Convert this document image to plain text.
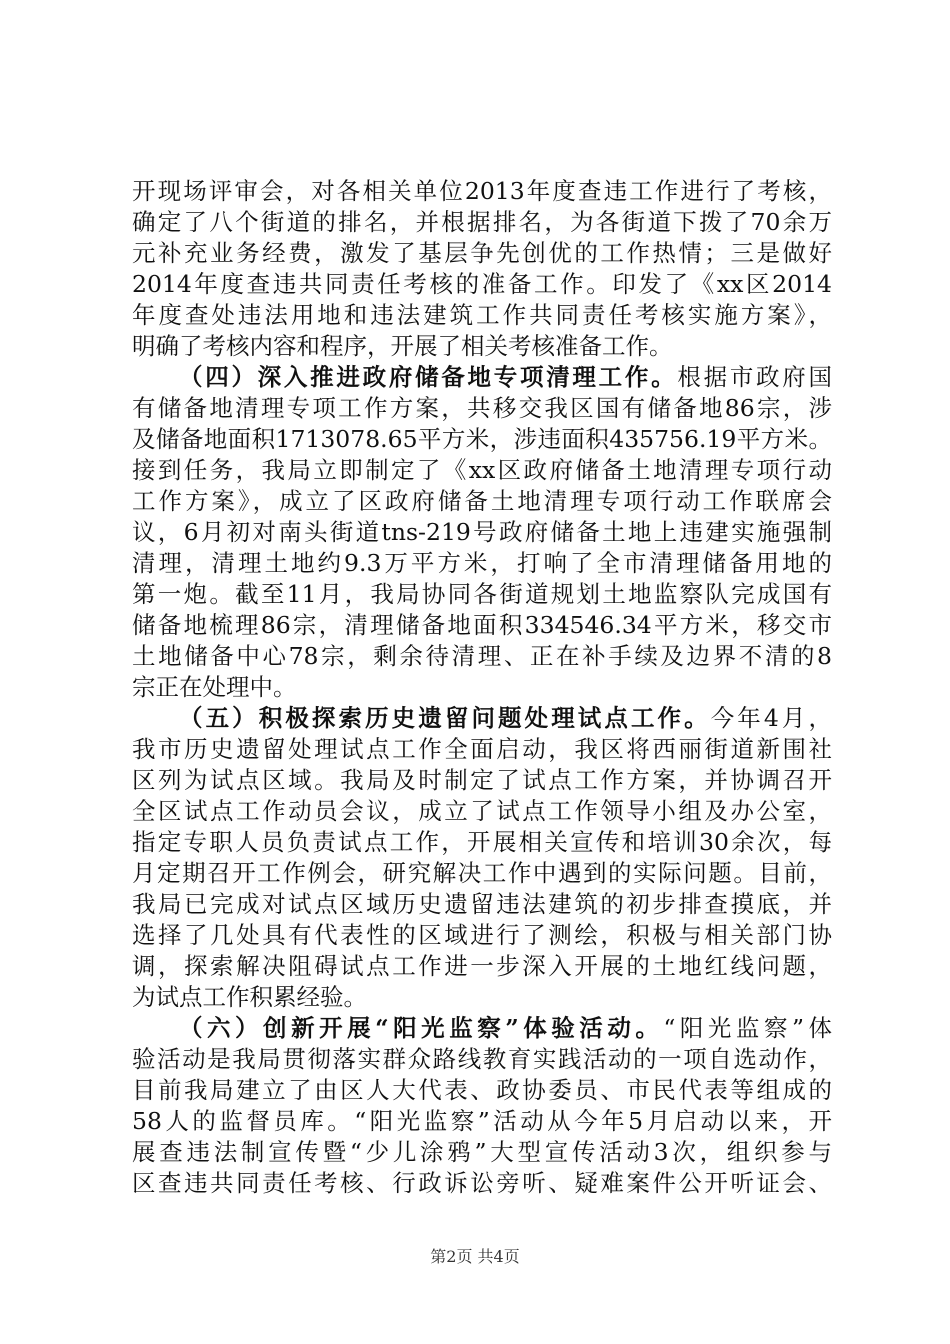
开现场评审会，对各相关单位2013年度查违工作进行了考核，
确定了八个街道的排名，并根据排名，为各街道下拨了70余万
元补充业务经费，激发了基层争先创优的工作热情；三是做好
2014年度查违共同责任考核的准备工作。印发了《xx区2014
年度查处违法用地和违法建筑工作共同责任考核实施方案》，
明确了考核内容和程序，开展了相关考核准备工作。
（四）深入推进政府储备地专项清理工作。根据市政府国
有储备地清理专项工作方案，共移交我区国有储备地86宗，涉
及储备地面积1713078.65平方米，涉违面积435756.19平方米。
接到任务，我局立即制定了《xx区政府储备土地清理专项行动
工作方案》，成立了区政府储备土地清理专项行动工作联席会
议，6月初对南头街道tns-219号政府储备土地上违建实施强制
清理，清理土地约9.3万平方米，打响了全市清理储备用地的
第一炮。截至11月，我局协同各街道规划土地监察队完成国有
储备地梳理86宗，清理储备地面积334546.34平方米，移交市
土地储备中心78宗，剩余待清理、正在补手续及边界不清的8
宗正在处理中。
（五）积极探索历史遗留问题处理试点工作。今年4月，
我市历史遗留处理试点工作全面启动，我区将西丽街道新围社
区列为试点区域。我局及时制定了试点工作方案，并协调召开
全区试点工作动员会议，成立了试点工作领导小组及办公室，
指定专职人员负责试点工作，开展相关宣传和培训30余次，每
月定期召开工作例会，研究解决工作中遇到的实际问题。目前，
我局已完成对试点区域历史遗留违法建筑的初步排查摸底，并
选择了几处具有代表性的区域进行了测绘，积极与相关部门协
调，探索解决阻碍试点工作进一步深入开展的土地红线问题，
为试点工作积累经验。
（六）创新开展“阳光监察”体验活动。“阳光监察”体
验活动是我局贯彻落实群众路线教育实践活动的一项自选动作，
目前我局建立了由区人大代表、政协委员、市民代表等组成的
58人的监督员库。“阳光监察”活动从今年5月启动以来，开
展查违法制宣传暨“少儿涂鸦”大型宣传活动3次，组织参与
区查违共同责任考核、行政诉讼旁听、疑难案件公开听证会、
第2页 共4页
